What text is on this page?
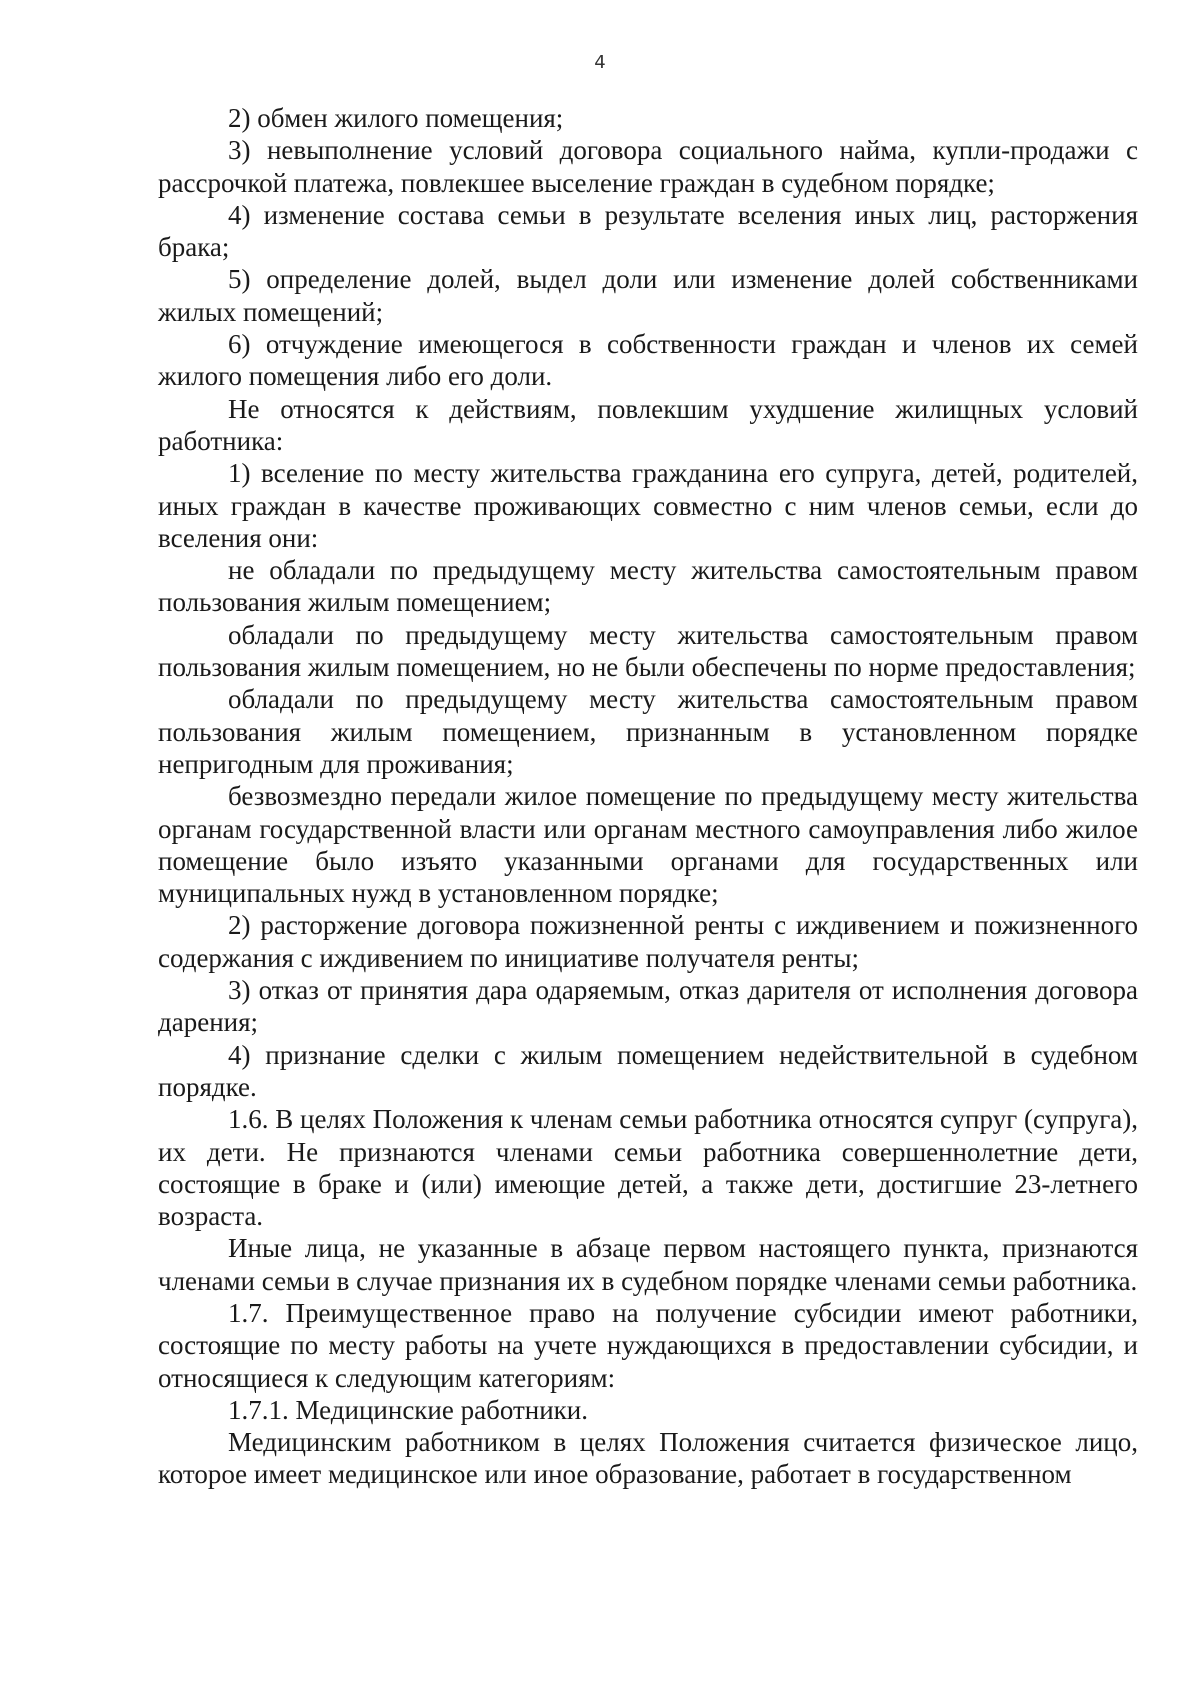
4

2) обмен жилого помещения;

3) невыполнение условий договора социального найма, купли-продажи с рассрочкой платежа, повлекшее выселение граждан в судебном порядке;

4) изменение состава семьи в результате вселения иных лиц, расторжения брака;

5) определение долей, выдел доли или изменение долей собственниками жилых помещений;

6) отчуждение имеющегося в собственности граждан и членов их семей жилого помещения либо его доли.

Не относятся к действиям, повлекшим ухудшение жилищных условий работника:

1) вселение по месту жительства гражданина его супруга, детей, родителей, иных граждан в качестве проживающих совместно с ним членов семьи, если до вселения они:

не обладали по предыдущему месту жительства самостоятельным правом пользования жилым помещением;

обладали по предыдущему месту жительства самостоятельным правом пользования жилым помещением, но не были обеспечены по норме предоставления;

обладали по предыдущему месту жительства самостоятельным правом пользования жилым помещением, признанным в установленном порядке непригодным для проживания;

безвозмездно передали жилое помещение по предыдущему месту жительства органам государственной власти или органам местного самоуправления либо жилое помещение было изъято указанными органами для государственных или муниципальных нужд в установленном порядке;

2) расторжение договора пожизненной ренты с иждивением и пожизненного содержания с иждивением по инициативе получателя ренты;

3) отказ от принятия дара одаряемым, отказ дарителя от исполнения договора дарения;

4) признание сделки с жилым помещением недействительной в судебном порядке.

1.6. В целях Положения к членам семьи работника относятся супруг (супруга), их дети. Не признаются членами семьи работника совершеннолетние дети, состоящие в браке и (или) имеющие детей, а также дети, достигшие 23-летнего возраста.

Иные лица, не указанные в абзаце первом настоящего пункта, признаются членами семьи в случае признания их в судебном порядке членами семьи работника.

1.7. Преимущественное право на получение субсидии имеют работники, состоящие по месту работы на учете нуждающихся в предоставлении субсидии, и относящиеся к следующим категориям:

1.7.1. Медицинские работники.

Медицинским работником в целях Положения считается физическое лицо, которое имеет медицинское или иное образование, работает в государственном
